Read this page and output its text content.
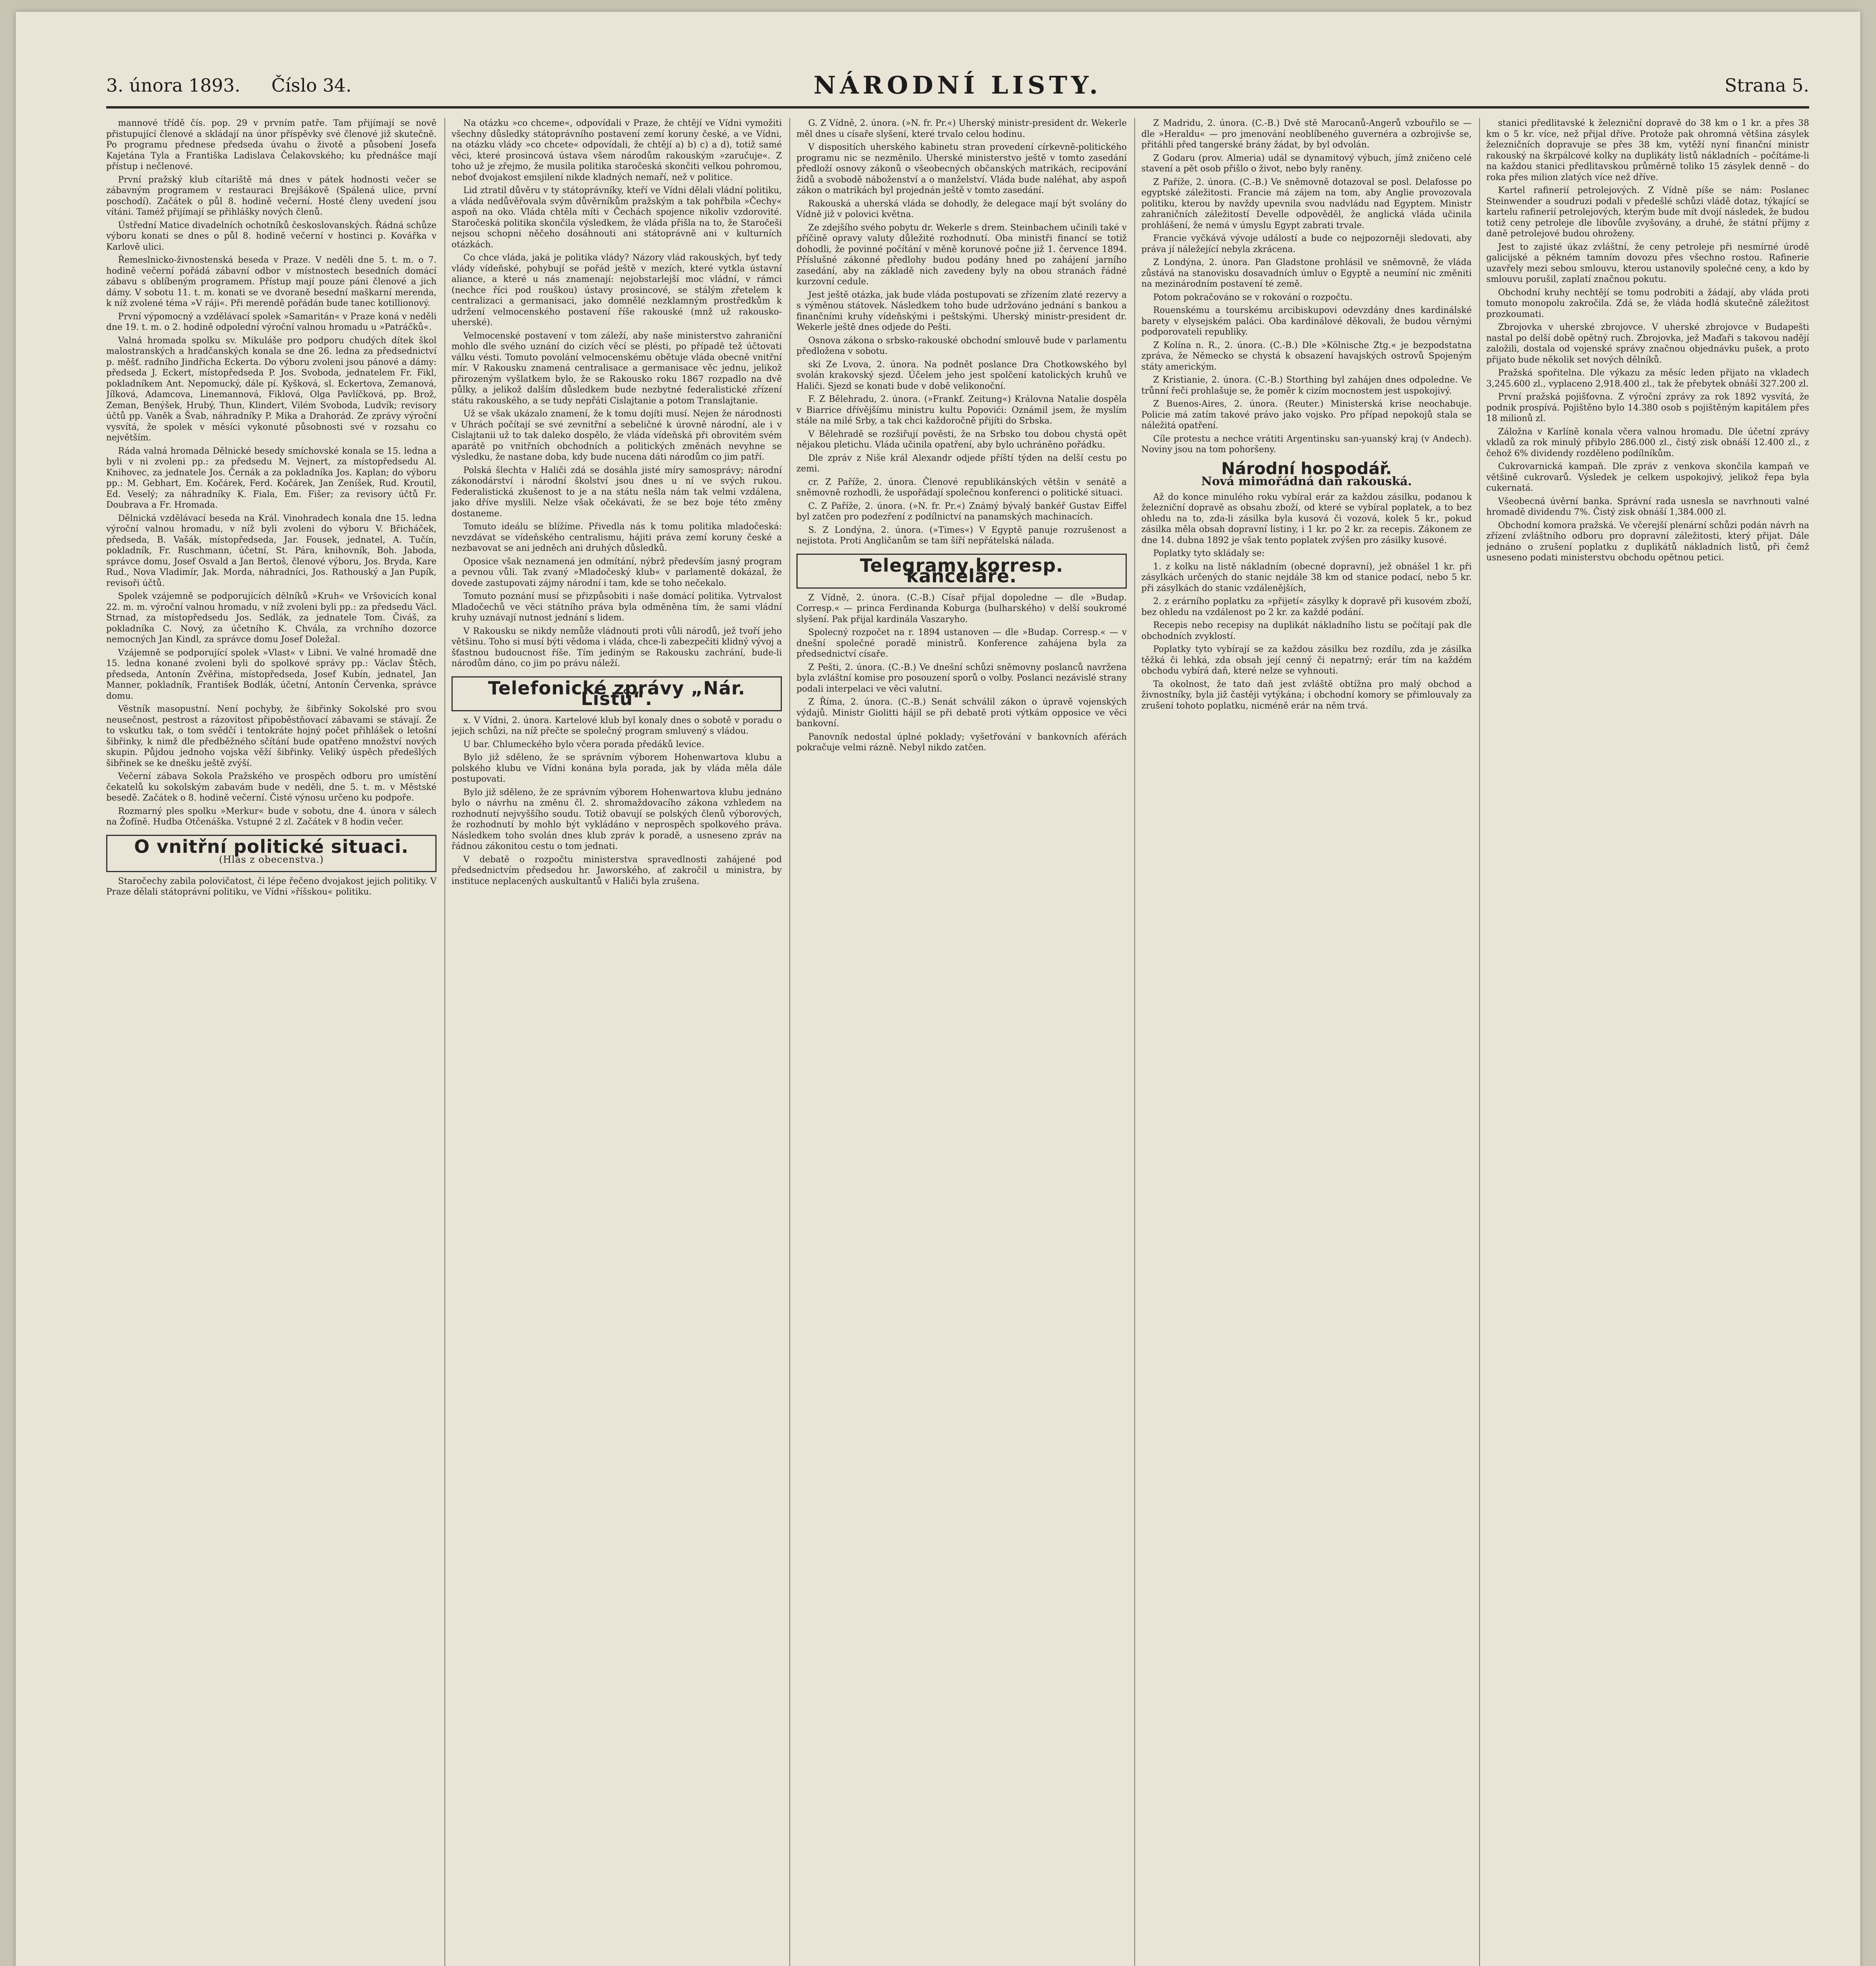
3. února 1893. Číslo 34.	NÁRODNÍ LISTY.	Strana 5.

mannové třídě čís. pop. 29 v prvním patře. Tam přijímají se nově přistupující členové a skládají na únor příspěvky své členové již skutečně. Po programu přednese předsedа úvahu o životě a působení Josefa Kajetána Tyla a Františka Ladislava Čelakovského; ku přednášce mají přístup i nečlenové.

První pražský klub cítariště má dnes v pátek hodnosti večer se zábavným programem v restauraci Brejšákově (Spálená ulice, první poschodí). Začátek o půl 8. hodině večerní. Hosté členy uvedení jsou vítáni. Taméž přijímají se přihlášky nových členů.

Ústřední Matice divadelních ochotníků českoslovanských. Řádná schůze výboru konati se dnes o půl 8. hodině večerní v hostinci p. Kovářka v Karlově ulici.

Řemeslnicko-živnostenská beseda v Praze. V neděli dne 5. t. m. o 7. hodině večerní pořádá zábavní odbor v místnostech besedních domácí zábavu s oblíbeným programem. Přístup mají pouze páni členové a jich dámy. V sobotu 11. t. m. konati se ve dvoraně besední maškarní merenda, k níž zvolené téma »V ráji«. Při merendě pořádán bude tanec kotillionový.

První výpomocný a vzdělávací spolek »Samaritán« v Praze koná v neděli dne 19. t. m. o 2. hodině odpolední výroční valnou hromadu u »Patráčků«.

Valná hromada spolku sv. Mikuláše pro podporu chudých dítek škol malostranských a hradčanských konala se dne 26. ledna za předsednictví p. měšť. radního Jindřicha Eckerta. Do výboru zvoleni jsou pánové a dámy: předseda J. Eckert, místopředseda P. Jos. Svoboda, jednatelem Fr. Fikl, pokladníkem Ant. Nepomucký, dále pí. Kyšková, sl. Eckertova, Zemanová, Jílková, Adamcova, Linemannová, Fiklová, Olga Pavlíčková, pp. Brož, Zeman, Benýšek, Hrubý, Thun, Klindert, Vilém Svoboda, Ludvík; revisory účtů pp. Vaněk a Švab, náhradníky P. Mika a Drahorád. Ze zprávy výroční vysvítá, že spolek v měsíci vykonuté působnosti své v rozsahu co největším.

Ráda valná hromada Dělnické besedy smíchovské konala se 15. ledna a byli v ni zvoleni pp.: za předsedu M. Vejnert, za místopředsedu Al. Knihovec, za jednatele Jos. Černák a za pokladníka Jos. Kaplan; do výboru pp.: M. Gebhart, Em. Kočárek, Ferd. Kočárek, Jan Zeníšek, Rud. Kroutil, Ed. Veselý; za náhradníky K. Fiala, Em. Fišer; za revisory účtů Fr. Doubrava a Fr. Hromada.

Dělnická vzdělávací beseda na Král. Vinohradech konala dne 15. ledna výroční valnou hromadu, v níž byli zvoleni do výboru V. Břicháček, předseda, B. Vašák, místopředseda, Jar. Fousek, jednatel, A. Tučín, pokladník, Fr. Ruschmann, účetní, St. Pára, knihovník, Boh. Jaboda, správce domu, Josef Osvald a Jan Bertoš, členové výboru, Jos. Bryda, Kare Rud., Nova Vladimír, Jak. Morda, náhradníci, Jos. Rathouský a Jan Pupík, revisoři účtů.

Spolek vzájemně se podporujících dělníků »Kruh« ve Vršovicích konal 22. m. m. výroční valnou hromadu, v níž zvoleni byli pp.: za předsedu Václ. Strnad, za místopředsedu Jos. Sedlák, za jednatele Tom. Čiváš, za pokladníka C. Nový, za účetního K. Chvála, za vrchního dozorce nemocných Jan Kindl, za správce domu Josef Doležal.

Vzájemně se podporující spolek »Vlast« v Libni. Ve valné hromadě dne 15. ledna konané zvoleni byli do spolkové správy pp.: Václav Štěch, předseda, Antonín Zvěřina, místopředseda, Josef Kubín, jednatel, Jan Manner, pokladník, František Bodlák, účetní, Antonín Červenka, správce domu.

Věstník masopustní. Není pochyby, že šibřinky Sokolské pro svou neusečnost, pestrost a rázovitost připoběstňovací zábavami se stávají. Že to vskutku tak, o tom svědčí i tentokráte hojný počet přihlášek o letošní šibřinky, k nimž dle předběžného sčítání bude opatřeno množství nových skupin. Půjdou jednoho vojska věží šibřinky. Veliký úspěch předešlých šibřinek se ke dnešku ještě zvýší.

Večerní zábava Sokola Pražského ve prospěch odboru pro umístění čekatelů ku sokolským zabavám bude v neděli, dne 5. t. m. v Městské besedě. Začátek o 8. hodině večerní. Čisté výnosu určeno ku podpoře.

Rozmarný ples spolku »Merkur« bude v sobotu, dne 4. února v sálech na Žofíně. Hudba Otčenáška. Vstupné 2 zl. Začátek v 8 hodin večer.

O vnitřní politické situaci.
(Hlas z obecenstva.)

Staročechy zabila polovičatost, či lépe řečeno dvojakost jejich politiky. V Praze dělali státoprávní politiku, ve Vídni »říšskou« politiku.

Na otázku »co chceme«, odpovídali v Praze, že chtějí ve Vídni vymožiti všechny důsledky státoprávního postavení zemí koruny české, a ve Vídni, na otázku vlády »co chcete« odpovídali, že chtějí a) b) c) a d), totiž samé věci, které prosincová ústava všem národům rakouským »zaručuje«. Z toho už je zřejmo, že musila politika staročeská skončiti velkou pohromou, neboť dvojakost emsjilení nikde kladných nemaří, než v politice.

Lid ztratil důvěru v ty státoprávníky, kteří ve Vídni dělali vládní politiku, a vláda nedůvěřovala svým důvěrníkům pražským a tak pohřbila »Čechy« aspoň na oko. Vláda chtěla míti v Čechách spojence nikoliv vzdorovité. Staročeská politika skončila výsledkem, že vláda přišla na to, že Staročeši nejsou schopni něčeho dosáhnouti ani státoprávně ani v kulturních otázkách.

Co chce vláda, jaká je politika vlády? Názory vlád rakouských, byť tedy vlády vídeňské, pohybují se pořád ještě v mezích, které vytkla ústavní aliance, a které u nás znamenají: nejobstarlejší moc vládní, v rámci (nechce říci pod rouškou) ústavy prosincové, se stálým zřetelem k centralizaci a germanisaci, jako domnělé nezklamným prostředkům k udržení velmocenského postavení říše rakouské (mnž už rakousko-uherské).

Velmocenské postavení v tom záleží, aby naše ministerstvo zahraniční mohlo dle svého uznání do cizích věcí se plésti, po případě tež účtovati válku vésti. Tomuto povolání velmocenskému obětuje vláda obecně vnitřní mír. V Rakousku znamená centralisace a germanisace věc jednu, jelikož přirozeným vyšlatkem bylo, že se Rakousko roku 1867 rozpadlo na dvě půlky, a jelikož dalším důsledkem bude nezbytné federalistické zřízení státu rakouského, a se tudy nepřáti Cislajtanie a potom Translajtanie.

Už se však ukázalo znamení, že k tomu dojíti musí. Nejen že národnosti v Uhrách počítají se své zevnitřní a sebeličné k úrovně národní, ale i v Cislajtanii už to tak daleko dospělo, že vláda vídeňská při obrovitém svém aparátě po vnitřních obchodních a politických změnách nevyhne se výsledku, že nastane doba, kdy bude nucena dáti národům co jim patří.

Polská šlechta v Haliči zdá se dosáhla jisté míry samosprávy; národní zákonodárství i národní školství jsou dnes u ní ve svých rukou. Federalistická zkušenost to je a na státu nešla nám tak velmi vzdálena, jako dříve myslili. Nelze však očekávati, že se bez boje této změny dostaneme.

Tomuto ideálu se blížíme. Přivedla nás k tomu politika mladočeská: nevzdávat se vídeňského centralismu, hájiti práva zemí koruny české a nezbavovat se ani jedněch ani druhých důsledků.

Oposice však neznamená jen odmítání, nýbrž především jasný program a pevnou vůli. Tak zvaný »Mladočeský klub« v parlamentě dokázal, že dovede zastupovati zájmy národní i tam, kde se toho nečekalo.

Tomuto poznání musí se přizpůsobiti i naše domácí politika. Vytrvalost Mladočechů ve věci státního práva byla odměněna tím, že sami vládní kruhy uznávají nutnost jednání s lidem.

V Rakousku se nikdy nemůže vládnouti proti vůli národů, jež tvoří jeho většinu. Toho si musí býti vědoma i vláda, chce-li zabezpečiti klidný vývoj a šťastnou budoucnost říše. Tím jediným se Rakousku zachrání, bude-li národům dáno, co jim po právu náleží.

Telefonické zprávy „Nár. Listů“.

x. V Vídni, 2. února. Kartelové klub byl konaly dnes o sobotě v poradu o jejich schůzi, na níž přečte se společný program smluvený s vládou.

U bar. Chlumeckého bylo včera porada předáků levice.

Bylo již sděleno, že se správním výborem Hohenwartova klubu a polského klubu ve Vídni konána byla porada, jak by vláda měla dále postupovati.

Bylo již sděleno, že ze správním výborem Hohenwartova klubu jednáno bylo o návrhu na změnu čl. 2. shromaždovacího zákona vzhledem na rozhodnutí nejvyššího soudu. Totiž obavují se polských členů výborových, že rozhodnutí by mohlo být vykládáno v neprospěch spolkového práva. Následkem toho svolán dnes klub zpráv k poradě, a usneseno zpráv na řádnou zákonitou cestu o tom jednati.

V debatě o rozpočtu ministerstva spravedlnosti zahájené pod předsednictvím předsedou hr. Jaworského, ať zakročil u ministra, by instituce neplacených auskultantů v Haliči byla zrušena.

G. Z Vídně, 2. února. (»N. fr. Pr.«) Uherský ministr-president dr. Wekerle měl dnes u císaře slyšení, které trvalo celou hodinu.

V dispositích uherského kabinetu stran provedení církevně-politického programu nic se nezměnilo. Uherské ministerstvo ještě v tomto zasedání předloží osnovy zákonů o všeobecných občanských matrikách, recipování židů a svobodě náboženství a o manželství. Vláda bude naléhat, aby aspoň zákon o matrikách byl projednán ještě v tomto zasedání.

Rakouská a uherská vláda se dohodly, že delegace mají být svolány do Vídně již v polovici května.

Ze zdejšího svého pobytu dr. Wekerle s drem. Steinbachem učinili také v příčině opravy valuty důležité rozhodnutí. Oba ministři financí se totiž dohodli, že povinné počítání v měně korunové počne již 1. července 1894. Příslušné zákonné předlohy budou podány hned po zahájení jarního zasedání, aby na základě nich zavedeny byly na obou stranách řádné kurzovní cedule.

Jest ještě otázka, jak bude vláda postupovati se zřízením zlaté rezervy a s výměnou státovek. Následkem toho bude udržováno jednání s bankou a finančními kruhy vídeňskými i peštskými. Uherský ministr-president dr. Wekerle ještě dnes odjede do Pešti.

Osnova zákona o srbsko-rakouské obchodní smlouvě bude v parlamentu předložena v sobotu.

ski Ze Lvova, 2. února. Na podnět poslance Dra Chotkowského byl svolán krakovský sjezd. Účelem jeho jest spolčení katolických kruhů ve Haliči. Sjezd se konati bude v době velikonoční.

F. Z Bělehradu, 2. února. (»Frankf. Zeitung«) Královna Natalie dospěla v Biarrice dřívějšímu ministru kultu Popovići: Oznámil jsem, že myslím stále na milé Srby, a tak chci každoročně přijíti do Srbska.

V Bělehradě se rozšiřují pověsti, že na Srbsko tou dobou chystá opět nějakou pletichu. Vláda učinila opatření, aby bylo uchráněno pořádku.

Dle zpráv z Niše král Alexandr odjede příští týden na delší cestu po zemi.

cr. Z Paříže, 2. února. Členové republikánských většin v senátě a sněmovně rozhodli, že uspořádají společnou konferenci o politické situaci.

C. Z Paříže, 2. února. (»N. fr. Pr.«) Známý bývalý bankéř Gustav Eiffel byl zatčen pro podezření z podílnictví na panamských machinacích.

S. Z Londýna, 2. února. (»Times«) V Egyptě panuje rozrušenost a nejistota. Proti Angličanům se tam šíří nepřátelská nálada.

Telegramy korresp. kanceláře.

Z Vídně, 2. února. (C.-B.) Císař přijal dopoledne — dle »Budap. Corresp.« — princa Ferdinanda Koburga (bulharského) v delší soukromé slyšení. Pak přijal kardinála Vaszaryho.

Spolecný rozpočet na r. 1894 ustanoven — dle »Budap. Corresp.« — v dnešní společné poradě ministrů. Konference zahájena byla za předsednictví císaře.

Z Pešti, 2. února. (C.-B.) Ve dnešní schůzi sněmovny poslanců navržena byla zvláštní komise pro posouzení sporů o volby. Poslanci nezávislé strany podali interpelaci ve věci valutní.

Z Říma, 2. února. (C.-B.) Senát schválil zákon o úpravě vojenských výdajů. Ministr Giolitti hájil se při debatě proti výtkám opposice ve věci bankovní.

Panovník nedostal úplné poklady; vyšetřování v bankovních aférách pokračuje velmi rázně. Nebyl nikdo zatčen.

Z Madridu, 2. února. (C.-B.) Dvě stě Marocanů-Angerů vzbouřilo se — dle »Heraldu« — pro jmenování neoblíbeného guvernéra a ozbrojivše se, přitáhli před tangerské brány žádat, by byl odvolán.

Z Godaru (prov. Almeria) udál se dynamitový výbuch, jímž zničeno celé stavení a pět osob přišlo o život, nebo byly raněny.

Z Paříže, 2. února. (C.-B.) Ve sněmovně dotazoval se posl. Delafosse po egyptské záležitosti. Francie má zájem na tom, aby Anglie provozovala politiku, kterou by navždy upevnila svou nadvládu nad Egyptem. Ministr zahraničních záležitostí Develle odpověděl, že anglická vláda učinila prohlášení, že nemá v úmyslu Egypt zabrati trvale.

Francie vyčkává vývoje událostí a bude co nejpozorněji sledovati, aby práva jí náležející nebyla zkrácena.

Z Londýna, 2. února. Pan Gladstone prohlásil ve sněmovně, že vláda zůstává na stanovisku dosavadních úmluv o Egyptě a neumíní nic změniti na mezinárodním postavení té země.

Potom pokračováno se v rokování o rozpočtu.

Rouenskému a tourskému arcibiskupovi odevzdány dnes kardinálské barety v elysejském paláci. Oba kardinálové děkovali, že budou věrnými podporovateli republiky.

Z Kolína n. R., 2. února. (C.-B.) Dle »Kölnische Ztg.« je bezpodstatna zpráva, že Německo se chystá k obsazení havajských ostrovů Spojeným státy americkým.

Z Kristianie, 2. února. (C.-B.) Storthing byl zahájen dnes odpoledne. Ve trůnní řeči prohlašuje se, že poměr k cizím mocnostem jest uspokojivý.

Z Buenos-Aires, 2. února. (Reuter.) Ministerská krise neochabuje. Policie má zatím takové právo jako vojsko. Pro případ nepokojů stala se náležitá opatření.

Cíle protestu a nechce vrátiti Argentinsku san-yuanský kraj (v Andech). Noviny jsou na tom pohoršeny.

Národní hospodář.
Nová mimořádná daň rakouská.

Až do konce minulého roku vybíral erár za každou zásilku, podanou k železniční dopravě as obsahu zboží, od které se vybíral poplatek, a to bez ohledu na to, zda-li zásilka byla kusová či vozová, kolek 5 kr., pokud zásilka měla obsah dopravní listiny, i 1 kr. po 2 kr. za recepis. Zákonem ze dne 14. dubna 1892 je však tento poplatek zvýšen pro zásilky kusové.

Poplatky tyto skládaly se:

1. z kolku na listě nákladním (obecné dopravní), jež obnášel 1 kr. při zásylkách určených do stanic nejdále 38 km od stanice podací, nebo 5 kr. při zásylkách do stanic vzdálenějších,

2. z erárního poplatku za »přijetí« zásylky k dopravě při kusovém zboží, bez ohledu na vzdálenost po 2 kr. za každé podání.

Recepis nebo recepisy na duplikát nákladního listu se počítají pak dle obchodních zvyklostí.

Poplatky tyto vybírají se za každou zásilku bez rozdílu, zda je zásilka těžká či lehká, zda obsah její cenný či nepatrný; erár tím na každém obchodu vybírá daň, které nelze se vyhnouti.

Ta okolnost, že tato daň jest zvláště obtížna pro malý obchod a živnostníky, byla již častěji vytýkána; i obchodní komory se přimlouvaly za zrušení tohoto poplatku, nicméně erár na něm trvá.

stanici předlitavské k železniční dopravě do 38 km o 1 kr. a přes 38 km o 5 kr. více, než přijal dříve. Protože pak ohromná většina zásylek železničních dopravuje se přes 38 km, vytěží nyní finanční ministr rakouský na škrpálcové kolky na duplikáty listů nákladních – počítáme-li na každou stanici předlitavskou průměrně toliko 15 zásylek denně – do roka přes milion zlatých více než dříve.

Kartel rafinerií petrolejových. Z Vídně píše se nám: Poslanec Steinwender a soudruzi podali v předešlé schůzi vládě dotaz, týkající se kartelu rafinerií petrolejových, kterým bude mít dvojí následek, že budou totiž ceny petroleje dle libovůle zvyšovány, a druhé, že státní příjmy z daně petrolejové budou ohroženy.

Jest to zajisté úkaz zvláštní, že ceny petroleje při nesmírné úrodě galicijské a pěkném tamním dovozu přes všechno rostou. Rafinerie uzavřely mezi sebou smlouvu, kterou ustanovily společné ceny, a kdo by smlouvu porušil, zaplatí značnou pokutu.

Obchodní kruhy nechtějí se tomu podrobiti a žádají, aby vláda proti tomuto monopolu zakročila. Zdá se, že vláda hodlá skutečně záležitost prozkoumati.

Zbrojovka v uherské zbrojovce. V uherské zbrojovce v Budapešti nastal po delší době opětný ruch. Zbrojovka, jež Maďaři s takovou nadějí založili, dostala od vojenské správy značnou objednávku pušek, a proto přijato bude několik set nových dělníků.

Pražská spořitelna. Dle výkazu za měsíc leden přijato na vkladech 3,245.600 zl., vyplaceno 2,918.400 zl., tak že přebytek obnáší 327.200 zl.

První pražská pojišťovna. Z výroční zprávy za rok 1892 vysvítá, že podnik prospívá. Pojištěno bylo 14.380 osob s pojištěným kapitálem přes 18 milionů zl.

Záložna v Karlíně konala včera valnou hromadu. Dle účetní zprávy vkladů za rok minulý přibylo 286.000 zl., čistý zisk obnáší 12.400 zl., z čehož 6% dividendy rozděleno podílníkům.

Cukrovarnická kampaň. Dle zpráv z venkova skončila kampaň ve většině cukrovarů. Výsledek je celkem uspokojivý, jelikož řepa byla cukernatá.

Všeobecná úvěrní banka. Správní rada usnesla se navrhnouti valné hromadě dividendu 7%. Čistý zisk obnáší 1,384.000 zl.

Obchodní komora pražská. Ve včerejší plenární schůzi podán návrh na zřízení zvláštního odboru pro dopravní záležitosti, který přijat. Dále jednáno o zrušení poplatku z duplikátů nákladních listů, při čemž usneseno podati ministerstvu obchodu opětnou petici.
